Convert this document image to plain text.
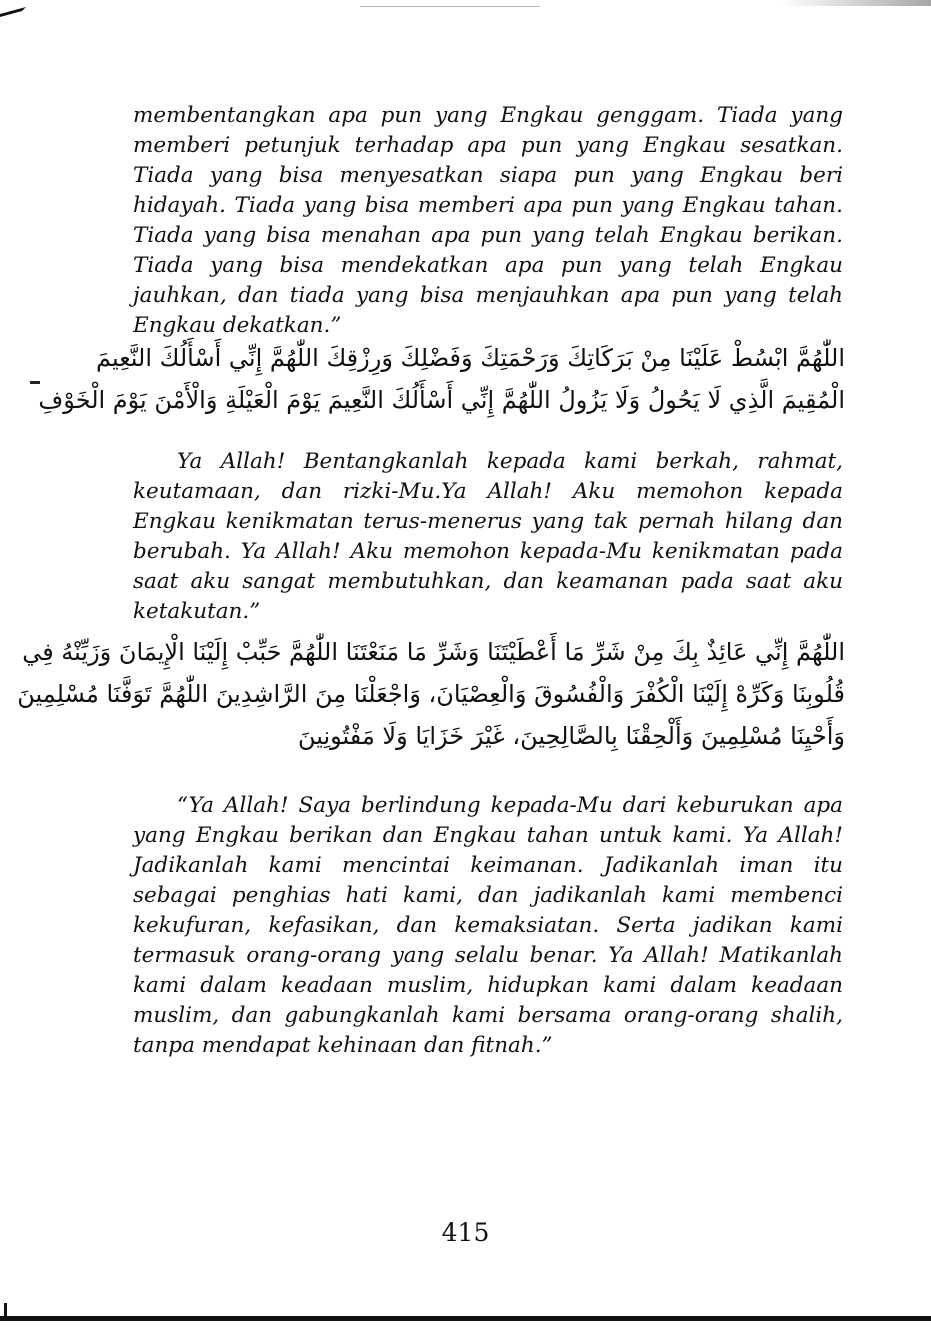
membentangkan apa pun yang Engkau genggam. Tiada yang memberi petunjuk terhadap apa pun yang Engkau sesatkan. Tiada yang bisa menyesatkan siapa pun yang Engkau beri hidayah. Tiada yang bisa memberi apa pun yang Engkau tahan. Tiada yang bisa menahan apa pun yang telah Engkau berikan. Tiada yang bisa mendekatkan apa pun yang telah Engkau jauhkan, dan tiada yang bisa menjauhkan apa pun yang telah Engkau dekatkan.”

اللّٰهُمَّ ابْسُطْ عَلَيْنَا مِنْ بَرَكَاتِكَ وَرَحْمَتِكَ وَفَضْلِكَ وَرِزْقِكَ اللّٰهُمَّ إِنِّي أَسْأَلُكَ النَّعِيمَ
الْمُقِيمَ الَّذِي لَا يَحُولُ وَلَا يَزُولُ اللّٰهُمَّ إِنِّي أَسْأَلُكَ النَّعِيمَ يَوْمَ الْعَيْلَةِ وَالْأَمْنَ يَوْمَ الْخَوْفِ

Ya Allah! Bentangkanlah kepada kami berkah, rahmat, keutamaan, dan rizki-Mu.Ya Allah! Aku memohon kepada Engkau kenikmatan terus-menerus yang tak pernah hilang dan berubah. Ya Allah! Aku memohon kepada-Mu kenikmatan pada saat aku sangat membutuhkan, dan keamanan pada saat aku ketakutan.”

اللّٰهُمَّ إِنِّي عَائِذٌ بِكَ مِنْ شَرِّ مَا أَعْطَيْتَنَا وَشَرِّ مَا مَنَعْتَنَا اللّٰهُمَّ حَبِّبْ إِلَيْنَا الْإِيمَانَ وَزَيِّنْهُ فِي
قُلُوبِنَا وَكَرِّهْ إِلَيْنَا الْكُفْرَ وَالْفُسُوقَ وَالْعِصْيَانَ، وَاجْعَلْنَا مِنَ الرَّاشِدِينَ اللّٰهُمَّ تَوَفَّنَا مُسْلِمِينَ
وَأَحْيِنَا مُسْلِمِينَ وَأَلْحِقْنَا بِالصَّالِحِينَ، غَيْرَ خَزَايَا وَلَا مَفْتُونِينَ

“Ya Allah! Saya berlindung kepada-Mu dari keburukan apa yang Engkau berikan dan Engkau tahan untuk kami. Ya Allah! Jadikanlah kami mencintai keimanan. Jadikanlah iman itu sebagai penghias hati kami, dan jadikanlah kami membenci kekufuran, kefasikan, dan kemaksiatan. Serta jadikan kami termasuk orang-orang yang selalu benar. Ya Allah! Matikanlah kami dalam keadaan muslim, hidupkan kami dalam keadaan muslim, dan gabungkanlah kami bersama orang-orang shalih, tanpa mendapat kehinaan dan fitnah.”

415
